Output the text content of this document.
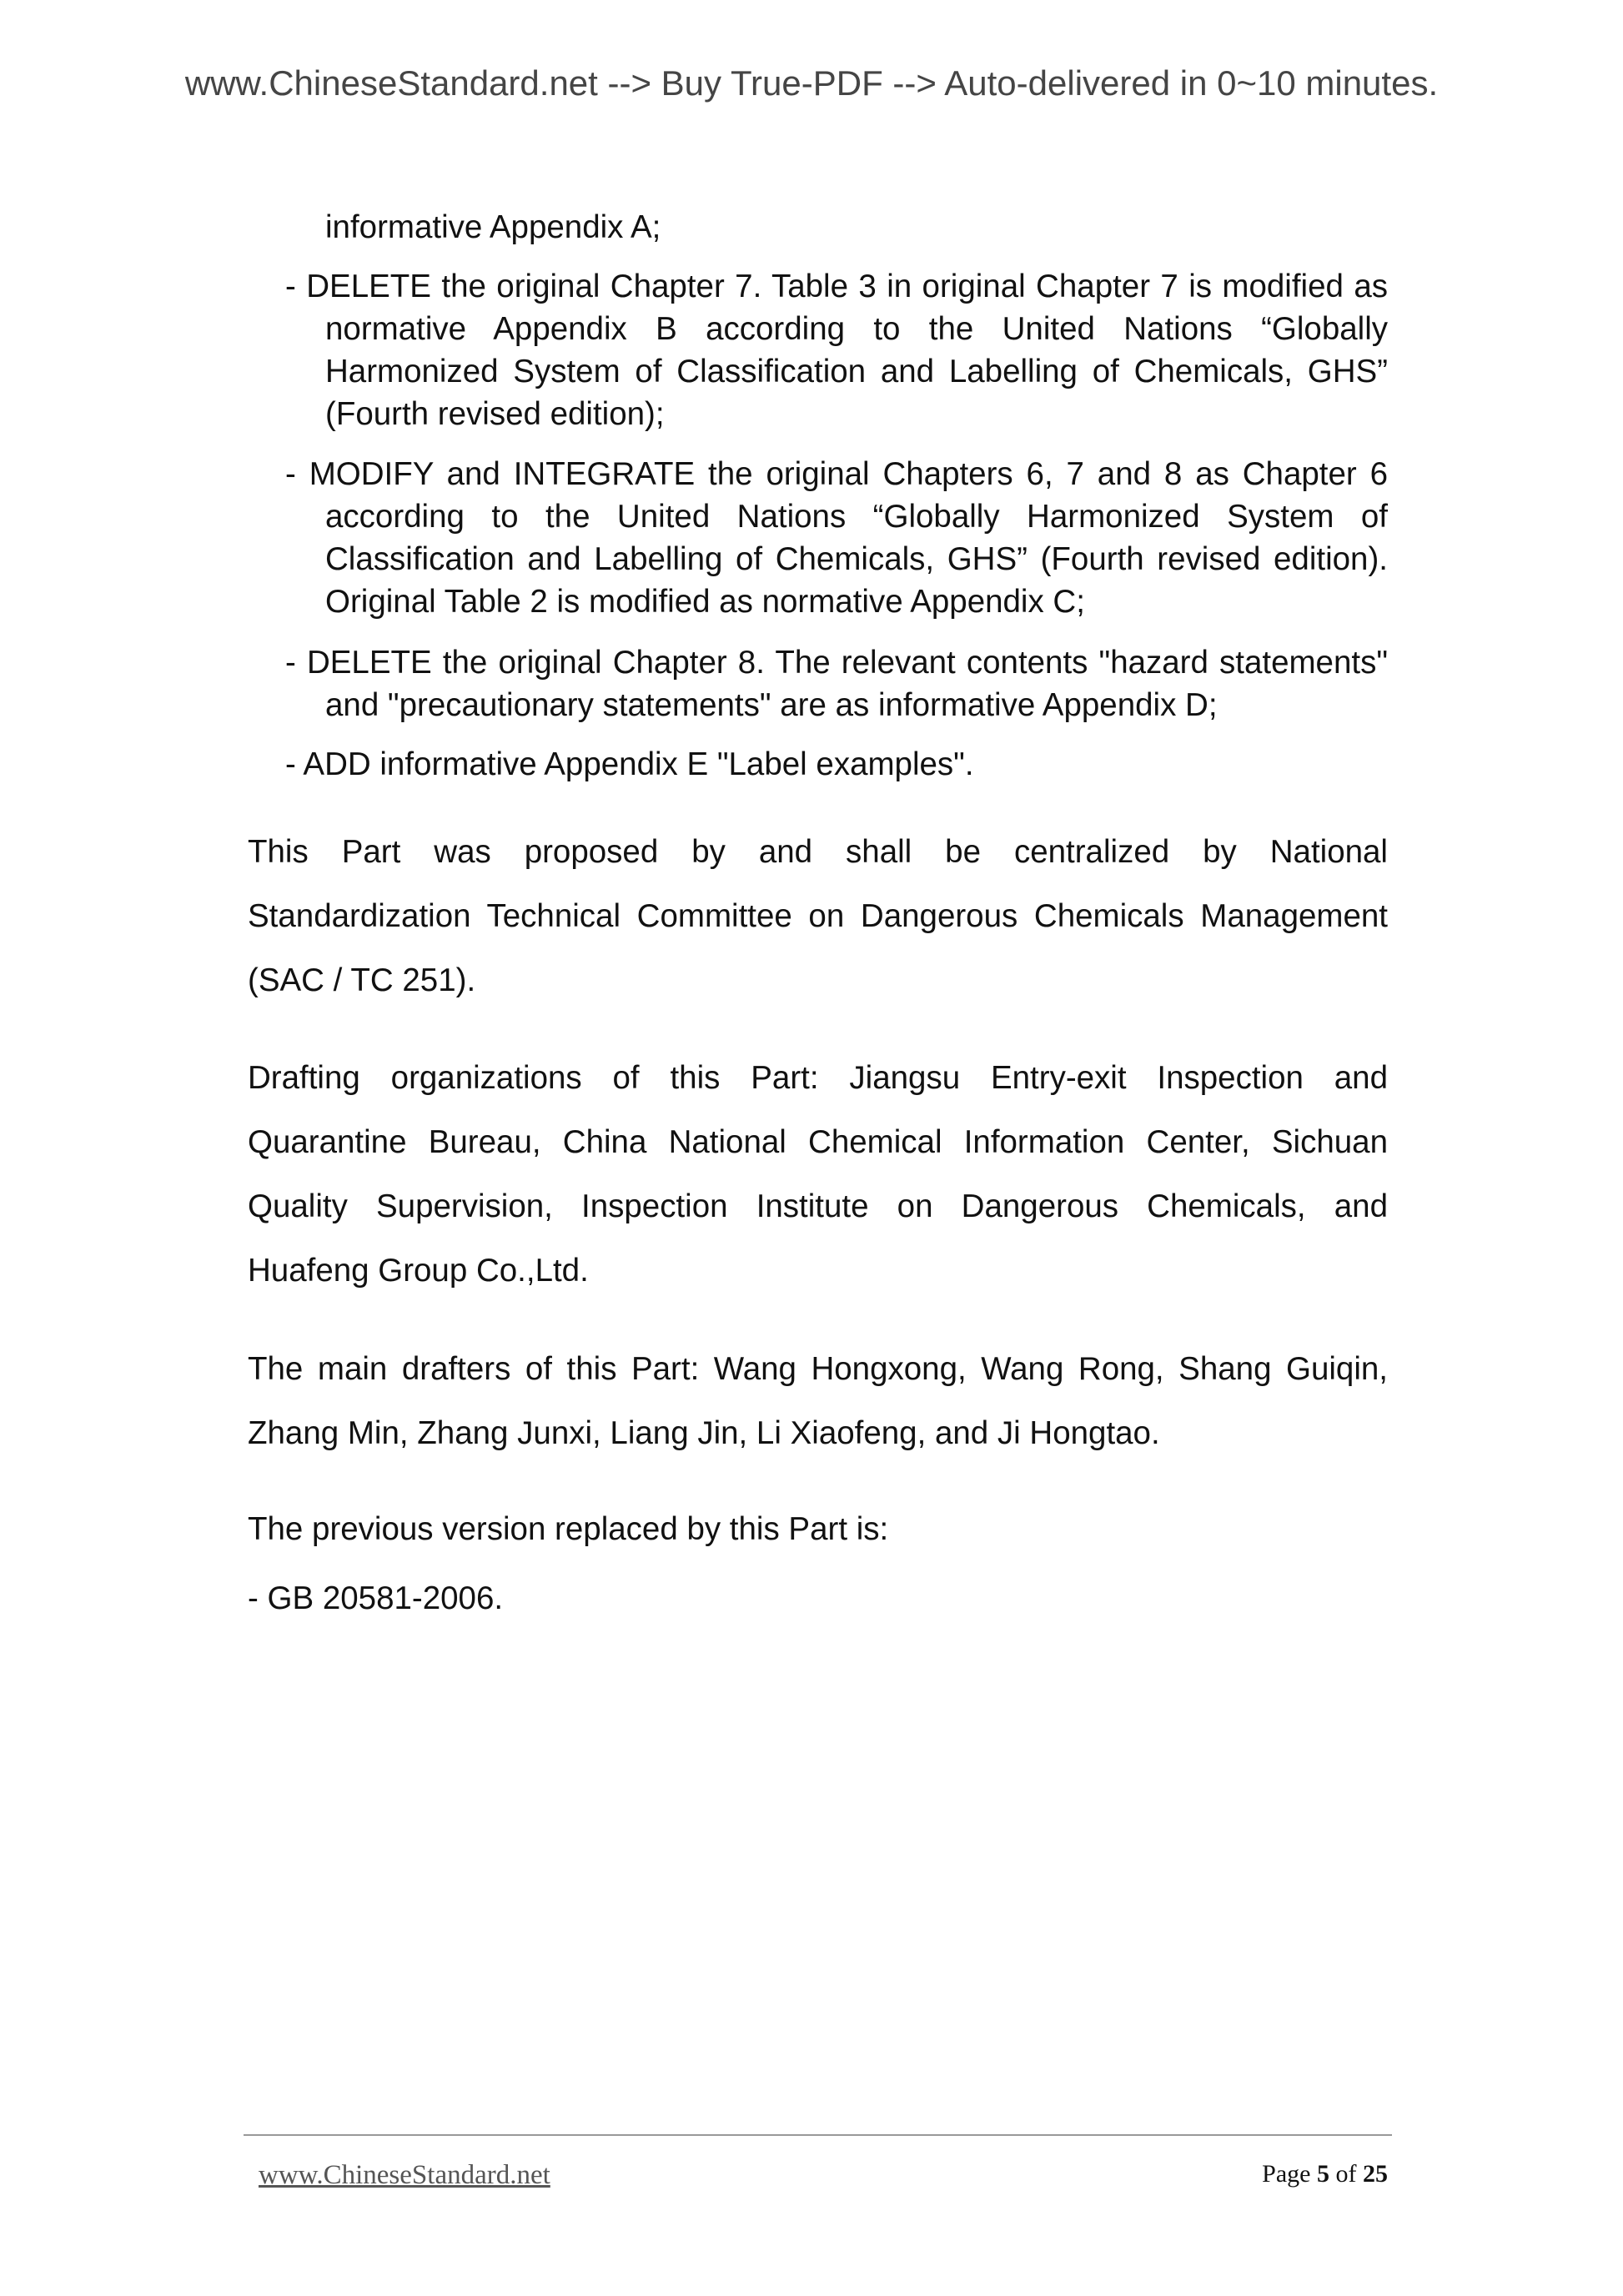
www.ChineseStandard.net --> Buy True-PDF --> Auto-delivered in 0~10 minutes.
informative Appendix A;
- DELETE the original Chapter 7. Table 3 in original Chapter 7 is modified as
normative Appendix B according to the United Nations “Globally
Harmonized System of Classification and Labelling of Chemicals, GHS”
(Fourth revised edition);
- MODIFY and INTEGRATE the original Chapters 6, 7 and 8 as Chapter 6
according to the United Nations “Globally Harmonized System of
Classification and Labelling of Chemicals, GHS” (Fourth revised edition).
Original Table 2 is modified as normative Appendix C;
- DELETE the original Chapter 8. The relevant contents "hazard statements"
and "precautionary statements" are as informative Appendix D;
- ADD informative Appendix E "Label examples".
This Part was proposed by and shall be centralized by National
Standardization Technical Committee on Dangerous Chemicals Management
(SAC / TC 251).
Drafting organizations of this Part: Jiangsu Entry-exit Inspection and
Quarantine Bureau, China National Chemical Information Center, Sichuan
Quality Supervision, Inspection Institute on Dangerous Chemicals, and
Huafeng Group Co.,Ltd.
The main drafters of this Part: Wang Hongxong, Wang Rong, Shang Guiqin,
Zhang Min, Zhang Junxi, Liang Jin, Li Xiaofeng, and Ji Hongtao.
The previous version replaced by this Part is:
- GB 20581-2006.
www.ChineseStandard.net	Page 5 of 25
